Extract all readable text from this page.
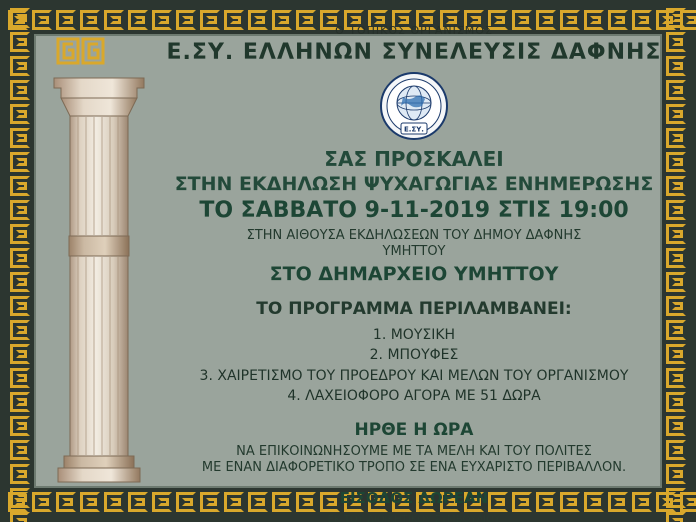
Ο ΤΟΠΙΚΟΣ ΟΡΓΑΝΙΣΜΟΣ

Ε.ΣΥ. ΕΛΛΗΝΩΝ ΣΥΝΕΛΕΥΣΙΣ ΔΑΦΝΗΣ

Ε.ΣΥ.

ΣΑΣ ΠΡΟΣΚΑΛΕΙ

ΣΤΗΝ ΕΚΔΗΛΩΣΗ ΨΥΧΑΓΩΓΙΑΣ ΕΝΗΜΕΡΩΣΗΣ

ΤΟ ΣΑΒΒΑΤΟ 9-11-2019 ΣΤΙΣ 19:00

ΣΤΗΝ ΑΙΘΟΥΣΑ ΕΚΔΗΛΩΣΕΩΝ ΤΟΥ ΔΗΜΟΥ ΔΑΦΝΗΣ

ΥΜΗΤΤΟΥ

ΣΤΟ ΔΗΜΑΡΧΕΙΟ ΥΜΗΤΤΟΥ

ΤΟ ΠΡΟΓΡΑΜΜΑ ΠΕΡΙΛΑΜΒΑΝΕΙ:

1. ΜΟΥΣΙΚΗ
2. ΜΠΟΥΦΕΣ
3. ΧΑΙΡΕΤΙΣΜΟ ΤΟΥ ΠΡΟΕΔΡΟΥ ΚΑΙ ΜΕΛΩΝ ΤΟΥ ΟΡΓΑΝΙΣΜΟΥ
4. ΛΑΧΕΙΟΦΟΡΟ ΑΓΟΡΑ ΜΕ 51 ΔΩΡΑ

ΗΡΘΕ Η ΩΡΑ

ΝΑ ΕΠΙΚΟΙΝΩΝΗΣΟΥΜΕ ΜΕ ΤΑ ΜΕΛΗ ΚΑΙ ΤΟΥ ΠΟΛΙΤΕΣ

ΜΕ ΕΝΑΝ ΔΙΑΦΟΡΕΤΙΚΟ ΤΡΟΠΟ ΣΕ ΕΝΑ ΕΥΧΑΡΙΣΤΟ ΠΕΡΙΒΑΛΛΟΝ.

ΕΙΣΟΔΟΣ ΔΩΡΕΑΝ

ΕΚ ΤΟΥ ΔΙΟΙΚΗΤΙΚΟΥ ΣΥΜΒΟΥΛΙΟΥ
